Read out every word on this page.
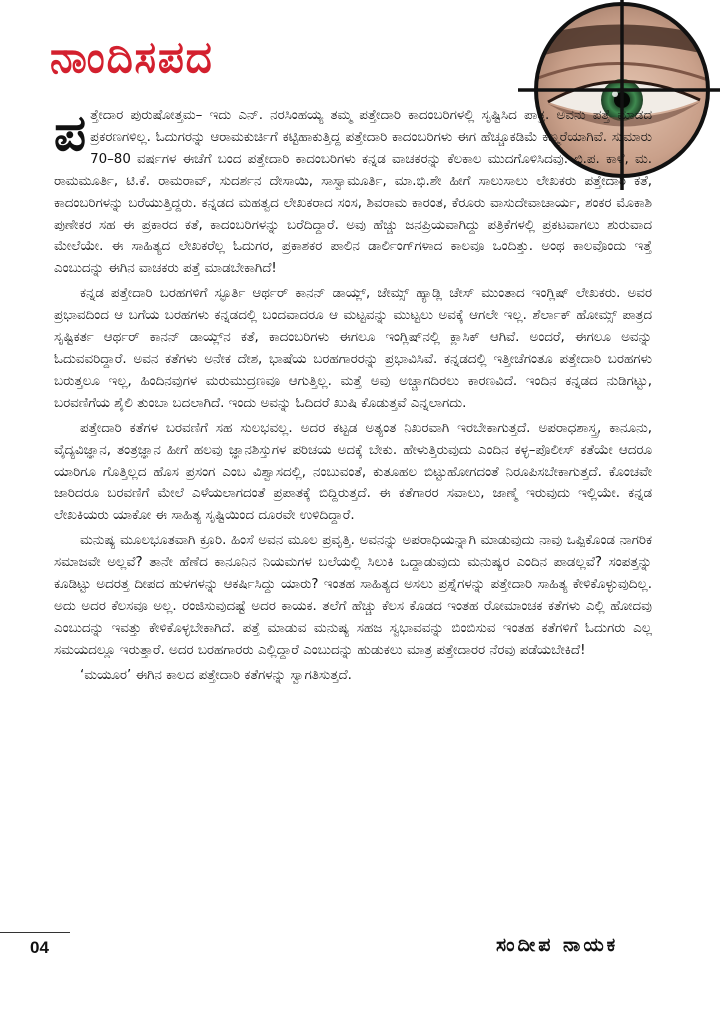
ನಾಂದಿಸಪದ

ಪತ್ತೇದಾರ ಪುರುಷೋತ್ತಮ– ಇದು ಎನ್. ನರಸಿಂಹಯ್ಯ ತಮ್ಮ ಪತ್ತೇದಾರಿ ಕಾದಂಬರಿಗಳಲ್ಲಿ ಸೃಷ್ಟಿಸಿದ ಪಾತ್ರ. ಅವನು ಪತ್ತೆ ಮಾಡದ ಪ್ರಕರಣಗಳಿಲ್ಲ. ಓದುಗರನ್ನು ಆರಾಮಕುರ್ಚಿಗೆ ಕಟ್ಟಿಹಾಕುತ್ತಿದ್ದ ಪತ್ತೇದಾರಿ ಕಾದಂಬರಿಗಳು ಈಗ ಹೆಚ್ಚೂಕಡಿಮೆ ಕಣ್ಮರೆಯಾಗಿವೆ. ಸುಮಾರು 70–80 ವರ್ಷಗಳ ಈಚೆಗೆ ಬಂದ ಪತ್ತೇದಾರಿ ಕಾದಂಬರಿಗಳು ಕನ್ನಡ ವಾಚಕರನ್ನು ಕೆಲಕಾಲ ಮುದಗೊಳಿಸಿದವು. ಛಿ.ಪ. ಕಾಳೆ, ಮ. ರಾಮಮೂರ್ತಿ, ಟಿ.ಕೆ. ರಾಮರಾವ್, ಸುದರ್ಶನ ದೇಸಾಯಿ, ಸಾಸ್ವಾಮೂರ್ತಿ, ಮಾ.ಭಿ.ಶೇ ಹೀಗೆ ಸಾಲುಸಾಲು ಲೇಖಕರು ಪತ್ತೇದಾರಿ ಕತೆ, ಕಾದಂಬರಿಗಳನ್ನು ಬರೆಯುತ್ತಿದ್ದರು. ಕನ್ನಡದ ಮಹತ್ವದ ಲೇಖಕರಾದ ಸಂಸ, ಶಿವರಾಮ ಕಾರಂತ, ಕೆರೂರು ವಾಸುದೇವಾಚಾರ್ಯ, ಶಂಕರ ಮೊಕಾಶಿ ಪುಣೇಕರ ಸಹ ಈ ಪ್ರಕಾರದ ಕತೆ, ಕಾದಂಬರಿಗಳನ್ನು ಬರೆದಿದ್ದಾರೆ. ಅವು ಹೆಚ್ಚು ಜನಪ್ರಿಯವಾಗಿದ್ದು ಪತ್ರಿಕೆಗಳಲ್ಲಿ ಪ್ರಕಟವಾಗಲು ಶುರುವಾದ ಮೇಲೆಯೇ. ಈ ಸಾಹಿತ್ಯದ ಲೇಖಕರೆಲ್ಲ ಓದುಗರ, ಪ್ರಕಾಶಕರ ಪಾಲಿನ ಡಾರ್ಲಿಂಗ್‌ಗಳಾದ ಕಾಲವೂ ಒಂದಿತ್ತು. ಅಂಥ ಕಾಲವೊಂದು ಇತ್ತೆ ಎಂಬುದನ್ನು ಈಗಿನ ವಾಚಕರು ಪತ್ತೆ ಮಾಡಬೇಕಾಗಿದೆ!

ಕನ್ನಡ ಪತ್ತೇದಾರಿ ಬರಹಗಳಿಗೆ ಸ್ಫೂರ್ತಿ ಆರ್ಥರ್ ಕಾನನ್ ಡಾಯ್ಲ್, ಜೇಮ್ಸ್ ಹ್ಯಾಡ್ಲಿ ಚೇಸ್ ಮುಂತಾದ ಇಂಗ್ಲಿಷ್ ಲೇಖಕರು. ಅವರ ಪ್ರಭಾವದಿಂದ ಆ ಬಗೆಯ ಬರಹಗಳು ಕನ್ನಡದಲ್ಲಿ ಬಂದವಾದರೂ ಆ ಮಟ್ಟವನ್ನು ಮುಟ್ಟಲು ಅವಕ್ಕೆ ಆಗಲೇ ಇಲ್ಲ. ಶೆರ್ಲಾಕ್ ಹೋಮ್ಸ್ ಪಾತ್ರದ ಸೃಷ್ಟಿಕರ್ತ ಆರ್ಥರ್ ಕಾನನ್ ಡಾಯ್ಲ್‌ನ ಕತೆ, ಕಾದಂಬರಿಗಳು ಈಗಲೂ ಇಂಗ್ಲಿಷ್‌ನಲ್ಲಿ ಕ್ಲಾಸಿಕ್ ಆಗಿವೆ. ಅಂದರೆ, ಈಗಲೂ ಅವನ್ನು ಓದುವವರಿದ್ದಾರೆ. ಅವನ ಕತೆಗಳು ಅನೇಕ ದೇಶ, ಭಾಷೆಯ ಬರಹಗಾರರನ್ನು ಪ್ರಭಾವಿಸಿವೆ. ಕನ್ನಡದಲ್ಲಿ ಇತ್ತೀಚೆಗಂತೂ ಪತ್ತೇದಾರಿ ಬರಹಗಳು ಬರುತ್ತಲೂ ಇಲ್ಲ, ಹಿಂದಿನವುಗಳ ಮರುಮುದ್ರಣವೂ ಆಗುತ್ತಿಲ್ಲ. ಮತ್ತೆ ಅವು ಅಚ್ಚಾಗದಿರಲು ಕಾರಣವಿದೆ. ಇಂದಿನ ಕನ್ನಡದ ನುಡಿಗಟ್ಟು, ಬರವಣಿಗೆಯ ಶೈಲಿ ತುಂಬಾ ಬದಲಾಗಿದೆ. ಇಂದು ಅವನ್ನು ಓದಿದರೆ ಖುಷಿ ಕೊಡುತ್ತವೆ ಎನ್ನಲಾಗದು.

ಪತ್ತೇದಾರಿ ಕತೆಗಳ ಬರವಣಿಗೆ ಸಹ ಸುಲಭವಲ್ಲ. ಅದರ ಕಟ್ಟಡ ಅತ್ಯಂತ ನಿಖರವಾಗಿ ಇರಬೇಕಾಗುತ್ತದೆ. ಅಪರಾಧಶಾಸ್ತ್ರ, ಕಾನೂನು, ವೈದ್ಯವಿಜ್ಞಾನ, ತಂತ್ರಜ್ಞಾನ ಹೀಗೆ ಹಲವು ಜ್ಞಾನಶಿಸ್ತುಗಳ ಪರಿಚಯ ಅದಕ್ಕೆ ಬೇಕು. ಹೇಳುತ್ತಿರುವುದು ಎಂದಿನ ಕಳ್ಳ–ಪೊಲೀಸ್ ಕತೆಯೇ ಆದರೂ ಯಾರಿಗೂ ಗೊತ್ತಿಲ್ಲದ ಹೊಸ ಪ್ರಸಂಗ ಎಂಬ ವಿಶ್ವಾಸದಲ್ಲಿ, ನಂಬುವಂತೆ, ಕುತೂಹಲ ಬಿಟ್ಟುಹೋಗದಂತೆ ನಿರೂಪಿಸಬೇಕಾಗುತ್ತದೆ. ಕೊಂಚವೇ ಜಾರಿದರೂ ಬರವಣಿಗೆ ಮೇಲೆ ಎಳೆಯಲಾಗದಂತೆ ಪ್ರಪಾತಕ್ಕೆ ಬಿದ್ದಿರುತ್ತದೆ. ಈ ಕತೆಗಾರರ ಸವಾಲು, ಜಾಣ್ಮೆ ಇರುವುದು ಇಲ್ಲಿಯೇ. ಕನ್ನಡ ಲೇಖಕಿಯರು ಯಾಕೋ ಈ ಸಾಹಿತ್ಯ ಸೃಷ್ಟಿಯಿಂದ ದೂರವೇ ಉಳಿದಿದ್ದಾರೆ.

ಮನುಷ್ಯ ಮೂಲಭೂತವಾಗಿ ಕ್ರೂರಿ. ಹಿಂಸೆ ಅವನ ಮೂಲ ಪ್ರವೃತ್ತಿ. ಅವನನ್ನು ಅಪರಾಧಿಯನ್ನಾಗಿ ಮಾಡುವುದು ನಾವು ಒಪ್ಪಿಕೊಂಡ ನಾಗರಿಕ ಸಮಾಜವೇ ಅಲ್ಲವೆ? ತಾನೇ ಹೆಣೆದ ಕಾನೂನಿನ ನಿಯಮಗಳ ಬಲೆಯಲ್ಲಿ ಸಿಲುಕಿ ಒದ್ದಾಡುವುದು ಮನುಷ್ಯರ ಎಂದಿನ ಪಾಡಲ್ಲವೆ? ಸಂಪತ್ತನ್ನು ಕೂಡಿಟ್ಟು ಅದರತ್ತ ದೀಪದ ಹುಳಗಳನ್ನು ಆಕರ್ಷಿಸಿದ್ದು ಯಾರು? ಇಂತಹ ಸಾಹಿತ್ಯದ ಅಸಲು ಪ್ರಶ್ನೆಗಳನ್ನು ಪತ್ತೇದಾರಿ ಸಾಹಿತ್ಯ ಕೇಳಿಕೊಳ್ಳುವುದಿಲ್ಲ. ಅದು ಅದರ ಕೆಲಸವೂ ಅಲ್ಲ. ರಂಜಿಸುವುದಷ್ಟೆ ಅದರ ಕಾಯಕ. ತಲೆಗೆ ಹೆಚ್ಚು ಕೆಲಸ ಕೊಡದ ಇಂತಹ ರೋಮಾಂಚಕ ಕತೆಗಳು ಎಲ್ಲಿ ಹೋದವು ಎಂಬುದನ್ನು ಇವತ್ತು ಕೇಳಿಕೊಳ್ಳಬೇಕಾಗಿದೆ. ಪತ್ತೆ ಮಾಡುವ ಮನುಷ್ಯ ಸಹಜ ಸ್ವಭಾವವನ್ನು ಬಿಂಬಿಸುವ ಇಂತಹ ಕತೆಗಳಿಗೆ ಓದುಗರು ಎಲ್ಲ ಸಮಯದಲ್ಲೂ ಇರುತ್ತಾರೆ. ಅದರ ಬರಹಗಾರರು ಎಲ್ಲಿದ್ದಾರೆ ಎಂಬುದನ್ನು ಹುಡುಕಲು ಮಾತ್ರ ಪತ್ತೇದಾರರ ನೆರವು ಪಡೆಯಬೇಕಿದೆ!

‘ಮಯೂರ’ ಈಗಿನ ಕಾಲದ ಪತ್ತೇದಾರಿ ಕತೆಗಳನ್ನು ಸ್ವಾಗತಿಸುತ್ತದೆ.

04	ಸಂದೀಪ ನಾಯಕ
